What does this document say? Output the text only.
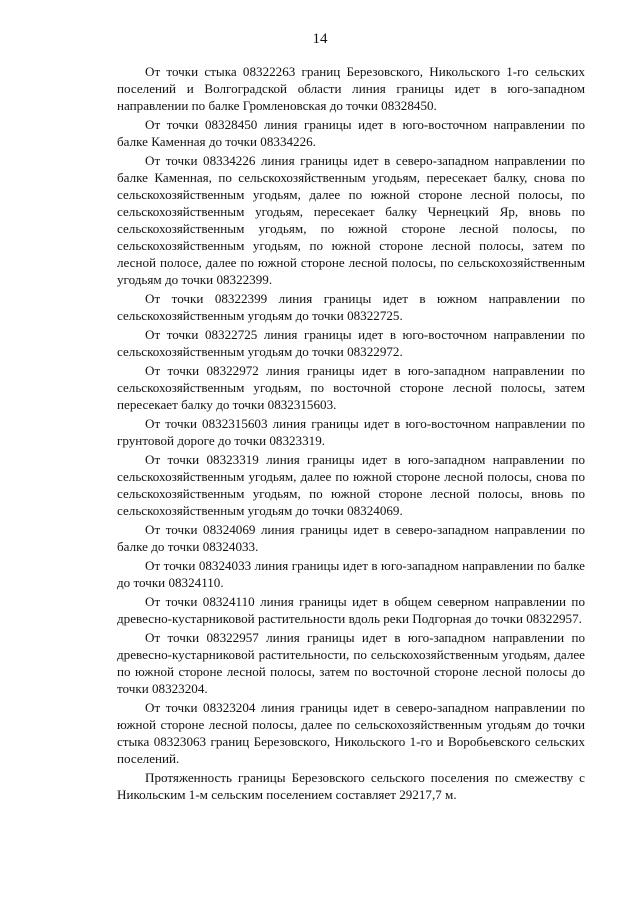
14

От точки стыка 08322263 границ Березовского, Никольского 1-го сельских поселений и Волгоградской области линия границы идет в юго-западном направлении по балке Громленовская до точки 08328450.

От точки 08328450 линия границы идет в юго-восточном направлении по балке Каменная до точки 08334226.

От точки 08334226 линия границы идет в северо-западном направлении по балке Каменная, по сельскохозяйственным угодьям, пересекает балку, снова по сельскохозяйственным угодьям, далее по южной стороне лесной полосы, по сельскохозяйственным угодьям, пересекает балку Чернецкий Яр, вновь по сельскохозяйственным угодьям, по южной стороне лесной полосы, по сельскохозяйственным угодьям, по южной стороне лесной полосы, затем по лесной полосе, далее по южной стороне лесной полосы, по сельскохозяйственным угодьям до точки 08322399.

От точки 08322399 линия границы идет в южном направлении по сельскохозяйственным угодьям до точки 08322725.

От точки 08322725 линия границы идет в юго-восточном направлении по сельскохозяйственным угодьям до точки 08322972.

От точки 08322972 линия границы идет в юго-западном направлении по сельскохозяйственным угодьям, по восточной стороне лесной полосы, затем пересекает балку до точки 0832315603.

От точки 0832315603 линия границы идет в юго-восточном направлении по грунтовой дороге до точки 08323319.

От точки 08323319 линия границы идет в юго-западном направлении по сельскохозяйственным угодьям, далее по южной стороне лесной полосы, снова по сельскохозяйственным угодьям, по южной стороне лесной полосы, вновь по сельскохозяйственным угодьям до точки 08324069.

От точки 08324069 линия границы идет в северо-западном направлении по балке до точки 08324033.

От точки 08324033 линия границы идет в юго-западном направлении по балке до точки 08324110.

От точки 08324110 линия границы идет в общем северном направлении по древесно-кустарниковой растительности вдоль реки Подгорная до точки 08322957.

От точки 08322957 линия границы идет в юго-западном направлении по древесно-кустарниковой растительности, по сельскохозяйственным угодьям, далее по южной стороне лесной полосы, затем по восточной стороне лесной полосы до точки 08323204.

От точки 08323204 линия границы идет в северо-западном направлении по южной стороне лесной полосы, далее по сельскохозяйственным угодьям до точки стыка 08323063 границ Березовского, Никольского 1-го и Воробьевского сельских поселений.

Протяженность границы Березовского сельского поселения по смежеству с Никольским 1-м сельским поселением составляет 29217,7 м.
